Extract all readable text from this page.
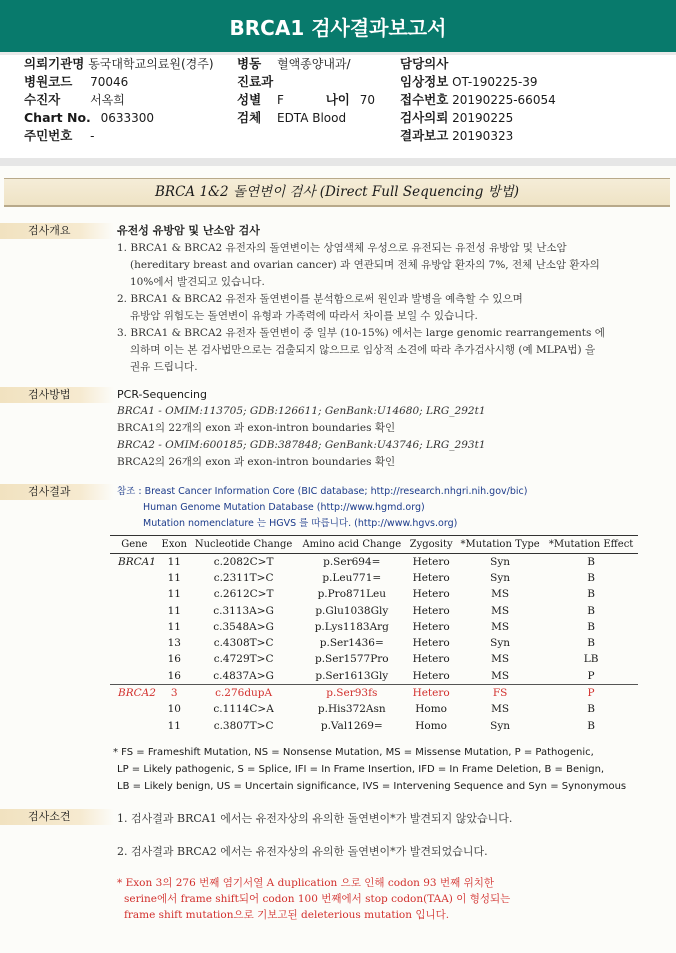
BRCA1 검사결과보고서
의뢰기관명 동국대학교의료원(경주)
병원코드 70046
수진자 서옥희
Chart No. 0633300
주민번호 -
병동 혈액종양내과/
진료과
성별 F	나이 70
검체 EDTA Blood
담당의사
임상정보 OT-190225-39
접수번호 20190225-66054
검사의뢰 20190225
결과보고 20190323
BRCA 1&2 돌연변이 검사 (Direct Full Sequencing 방법)
검사개요	유전성 유방암 및 난소암 검사
1. BRCA1 & BRCA2 유전자의 돌연변이는 상염색체 우성으로 유전되는 유전성 유방암 및 난소암
(hereditary breast and ovarian cancer) 과 연관되며 전체 유방암 환자의 7%, 전체 난소암 환자의
10%에서 발견되고 있습니다.
2. BRCA1 & BRCA2 유전자 돌연변이를 분석함으로써 원인과 발병을 예측할 수 있으며
유방암 위험도는 돌연변이 유형과 가족력에 따라서 차이를 보일 수 있습니다.
3. BRCA1 & BRCA2 유전자 돌연변이 중 일부 (10-15%) 에서는 large genomic rearrangements 에
의하며 이는 본 검사법만으로는 검출되지 않으므로 임상적 소견에 따라 추가검사시행 (예 MLPA법) 을
권유 드립니다.
검사방법	PCR-Sequencing
BRCA1 - OMIM:113705; GDB:126611; GenBank:U14680; LRG_292t1
BRCA1의 22개의 exon 과 exon-intron boundaries 확인
BRCA2 - OMIM:600185; GDB:387848; GenBank:U43746; LRG_293t1
BRCA2의 26개의 exon 과 exon-intron boundaries 확인
검사결과	참조 : Breast Cancer Information Core (BIC database; http://research.nhgri.nih.gov/bic)
Human Genome Mutation Database (http://www.hgmd.org)
Mutation nomenclature 는 HGVS 를 따릅니다. (http://www.hgvs.org)
Gene	Exon	Nucleotide Change	Amino acid Change	Zygosity	*Mutation Type	*Mutation Effect
BRCA1	11	c.2082C>T	p.Ser694=	Hetero	Syn	B
	11	c.2311T>C	p.Leu771=	Hetero	Syn	B
	11	c.2612C>T	p.Pro871Leu	Hetero	MS	B
	11	c.3113A>G	p.Glu1038Gly	Hetero	MS	B
	11	c.3548A>G	p.Lys1183Arg	Hetero	MS	B
	13	c.4308T>C	p.Ser1436=	Hetero	Syn	B
	16	c.4729T>C	p.Ser1577Pro	Hetero	MS	LB
	16	c.4837A>G	p.Ser1613Gly	Hetero	MS	P
BRCA2	3	c.276dupA	p.Ser93fs	Hetero	FS	P
	10	c.1114C>A	p.His372Asn	Homo	MS	B
	11	c.3807T>C	p.Val1269=	Homo	Syn	B
* FS = Frameshift Mutation, NS = Nonsense Mutation, MS = Missense Mutation, P = Pathogenic,
LP = Likely pathogenic, S = Splice, IFI = In Frame Insertion, IFD = In Frame Deletion, B = Benign,
LB = Likely benign, US = Uncertain significance, IVS = Intervening Sequence and Syn = Synonymous
검사소견	1. 검사결과 BRCA1 에서는 유전자상의 유의한 돌연변이*가 발견되지 않았습니다.
2. 검사결과 BRCA2 에서는 유전자상의 유의한 돌연변이*가 발견되었습니다.
* Exon 3의 276 번째 염기서열 A duplication 으로 인해 codon 93 번째 위치한
serine에서 frame shift되어 codon 100 번째에서 stop codon(TAA) 이 형성되는
frame shift mutation으로 기보고된 deleterious mutation 입니다.
